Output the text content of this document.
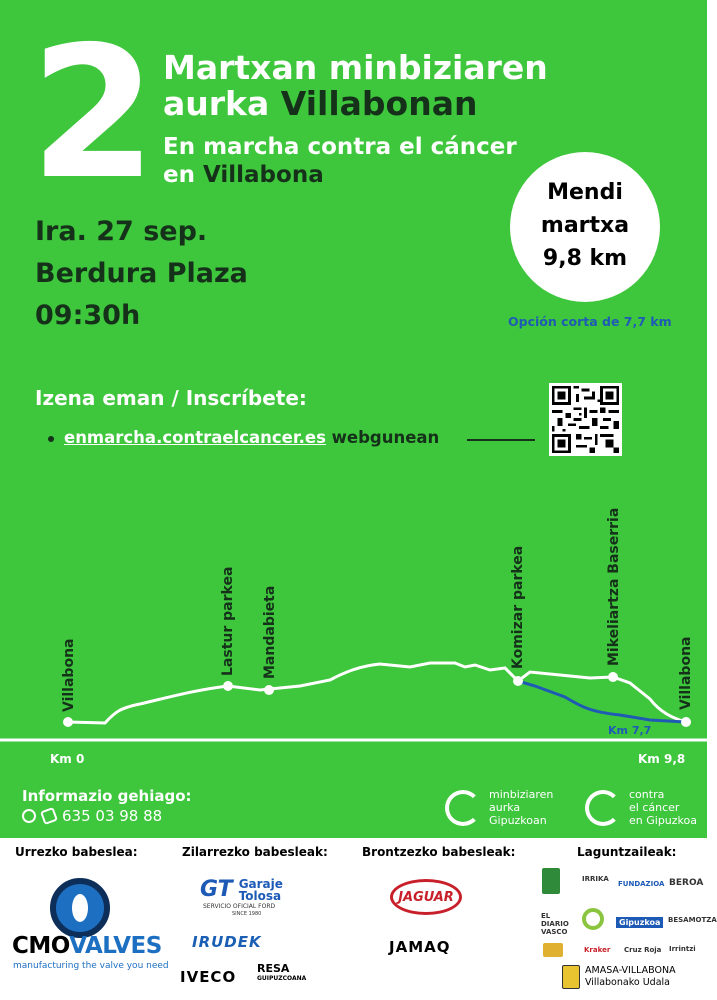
2 Martxan minbiziaren
aurka Villabonan
En marcha contra el cáncer
en Villabona
Ira. 27 sep.
Berdura Plaza
09:30h
Mendi
martxa
9,8 km
Opción corta de 7,7 km
Izena eman / Inscríbete:
enmarcha.contraelcancer.es webgunean
Villabona	Lastur parkea Mandabieta	Komizar parkea	Mikeliartza Baserria
Villabona
Km 0	Km 9,8
Km 7,7
Informazio gehiago:
635 03 98 88
minbiziaren
aurka
Gipuzkoan
contra
el cáncer
en Gipuzkoa
Urrezko babeslea:	Zilarrezko babesleak:	Brontzezko babesleak:	Laguntzaileak:
CMOVALVES
manufacturing the valve you need
GT Garaje
Tolosa
SERVICIO OFICIAL FORD
SINCE 1980
IRUDEK
IVECO RESA
GUIPUZCOANA
JAGUAR
JAMAQ
IRRIKA
FUNDAZIOA BEROA
EL DIARIO VASCO
Gipuzkoa	BESAMOTZA
Kraker Cruz Roja Irrintzi
AMASA-VILLABONA
Villabonako Udala
